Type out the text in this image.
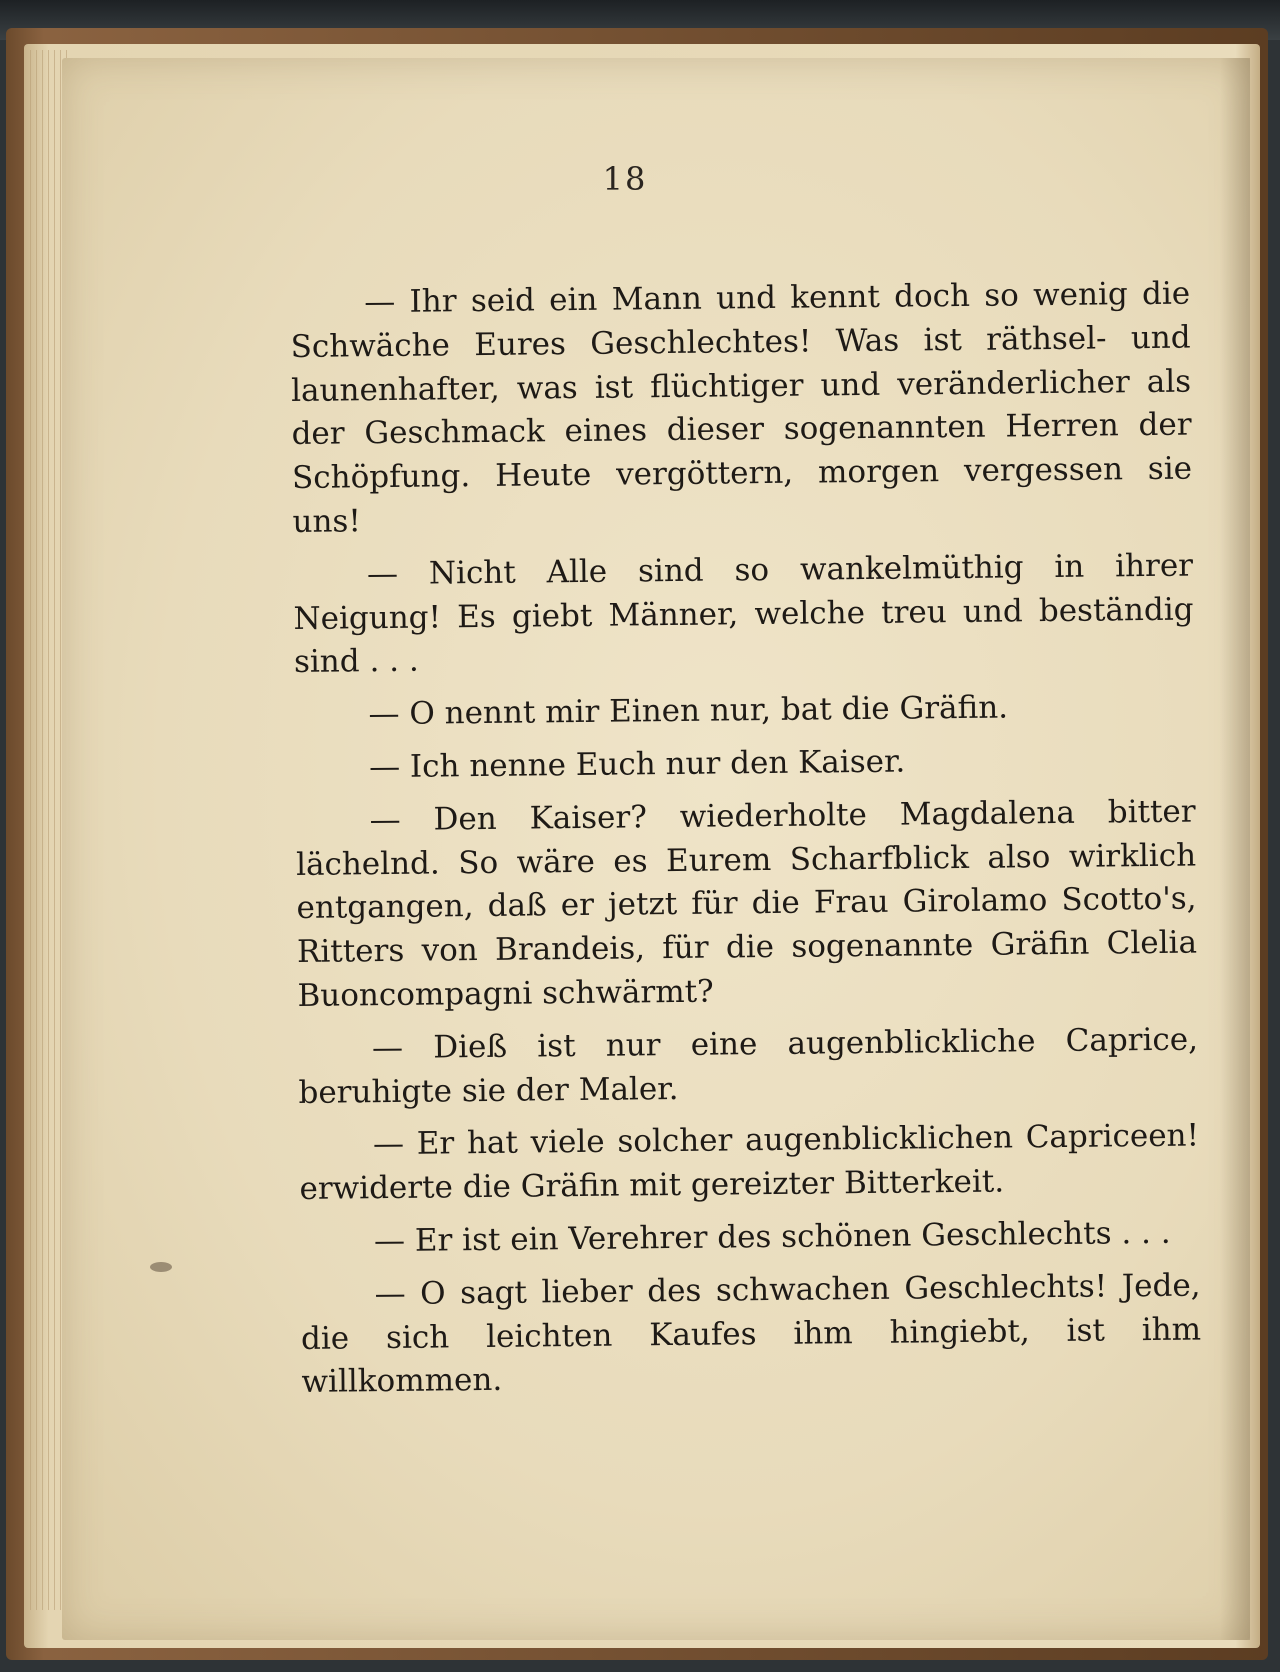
18

— Ihr seid ein Mann und kennt doch so wenig die Schwäche Eures Geschlechtes! Was ist räthsel- und launenhafter, was ist flüchtiger und veränderlicher als der Geschmack eines dieser sogenannten Herren der Schöpfung. Heute vergöttern, morgen vergessen sie uns!

— Nicht Alle sind so wankelmüthig in ihrer Neigung! Es giebt Männer, welche treu und beständig sind . . .

— O nennt mir Einen nur, bat die Gräfin.

— Ich nenne Euch nur den Kaiser.

— Den Kaiser? wiederholte Magdalena bitter lächelnd. So wäre es Eurem Scharfblick also wirklich entgangen, daß er jetzt für die Frau Girolamo Scotto's, Ritters von Brandeis, für die sogenannte Gräfin Clelia Buoncompagni schwärmt?

— Dieß ist nur eine augenblickliche Caprice, beruhigte sie der Maler.

— Er hat viele solcher augenblicklichen Capriceen! erwiderte die Gräfin mit gereizter Bitterkeit.

— Er ist ein Verehrer des schönen Geschlechts . . .

— O sagt lieber des schwachen Geschlechts! Jede, die sich leichten Kaufes ihm hingiebt, ist ihm willkommen.
